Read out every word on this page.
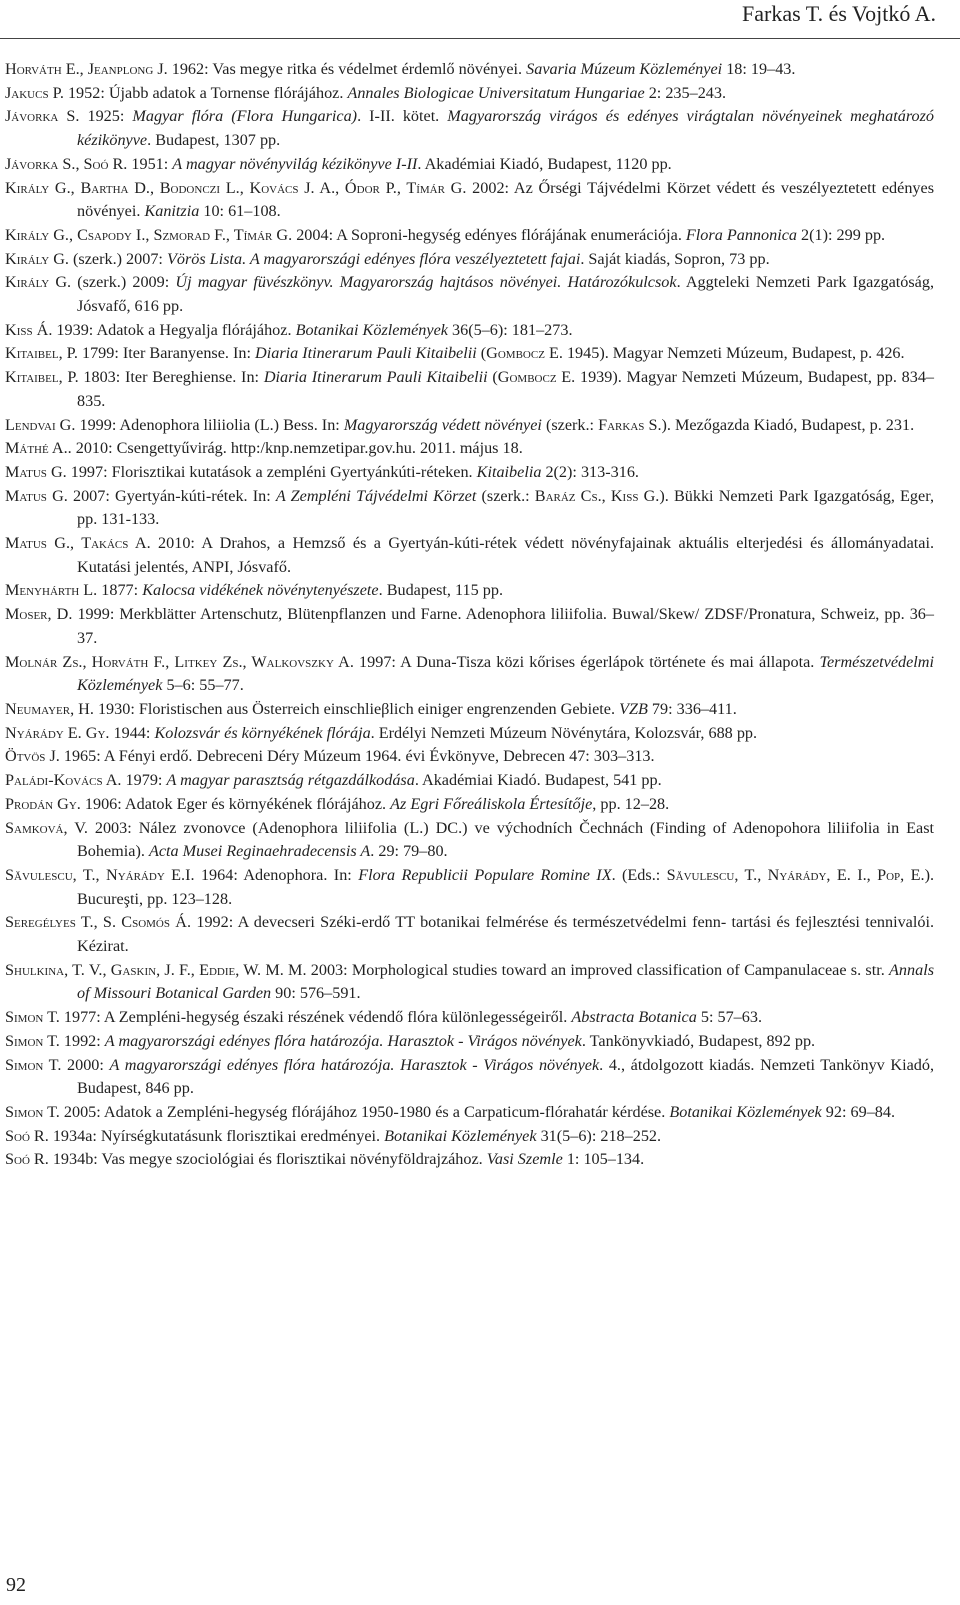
Farkas T. és Vojtkó A.
Horváth E., Jeanplong J. 1962: Vas megye ritka és védelmet érdemlő növényei. Savaria Múzeum Közleményei 18: 19–43.
Jakucs P. 1952: Újabb adatok a Tornense flórájához. Annales Biologicae Universitatum Hungariae 2: 235–243.
Jávorka S. 1925: Magyar flóra (Flora Hungarica). I-II. kötet. Magyarország virágos és edényes virágtalan növényeinek meghatározó kézikönyve. Budapest, 1307 pp.
Jávorka S., Soó R. 1951: A magyar növényvilág kézikönyve I-II. Akadémiai Kiadó, Budapest, 1120 pp.
Király G., Bartha D., Bodonczi L., Kovács J. A., Ódor P., Tímár G. 2002: Az Őrségi Tájvédelmi Körzet védett és veszélyeztetett edényes növényei. Kanitzia 10: 61–108.
Király G., Csapody I., Szmorad F., Tímár G. 2004: A Soproni-hegység edényes flórájának enumerációja. Flora Pannonica 2(1): 299 pp.
Király G. (szerk.) 2007: Vörös Lista. A magyarországi edényes flóra veszélyeztetett fajai. Saját kiadás, Sopron, 73 pp.
Király G. (szerk.) 2009: Új magyar füvészkönyv. Magyarország hajtásos növényei. Határozókulcsok. Aggteleki Nemzeti Park Igazgatóság, Jósvafő, 616 pp.
Kiss Á. 1939: Adatok a Hegyalja flórájához. Botanikai Közlemények 36(5–6): 181–273.
Kitaibel, P. 1799: Iter Baranyense. In: Diaria Itinerarum Pauli Kitaibelii (Gombocz E. 1945). Magyar Nemzeti Múzeum, Budapest, p. 426.
Kitaibel, P. 1803: Iter Bereghiense. In: Diaria Itinerarum Pauli Kitaibelii (Gombocz E. 1939). Magyar Nemzeti Múzeum, Budapest, pp. 834–835.
Lendvai G. 1999: Adenophora liliiolia (L.) Bess. In: Magyarország védett növényei (szerk.: Farkas S.). Mezőgazda Kiadó, Budapest, p. 231.
Máthé A.. 2010: Csengettyűvirág. http:/knp.nemzetipar.gov.hu. 2011. május 18.
Matus G. 1997: Florisztikai kutatások a zempléni Gyertyánkúti-réteken. Kitaibelia 2(2): 313-316.
Matus G. 2007: Gyertyán-kúti-rétek. In: A Zempléni Tájvédelmi Körzet (szerk.: Baráz Cs., Kiss G.). Bükki Nemzeti Park Igazgatóság, Eger, pp. 131-133.
Matus G., Takács A. 2010: A Drahos, a Hemzső és a Gyertyán-kúti-rétek védett növényfajainak aktuális elterjedési és állományadatai. Kutatási jelentés, ANPI, Jósvafő.
Menyhárth L. 1877: Kalocsa vidékének növénytenyészete. Budapest, 115 pp.
Moser, D. 1999: Merkblätter Artenschutz, Blütenpflanzen und Farne. Adenophora liliifolia. Buwal/Skew/ ZDSF/Pronatura, Schweiz, pp. 36–37.
Molnár Zs., Horváth F., Litkey Zs., Walkovszky A. 1997: A Duna-Tisza közi kőrises égerlápok története és mai állapota. Természetvédelmi Közlemények 5–6: 55–77.
Neumayer, H. 1930: Floristischen aus Österreich einschlieβlich einiger engrenzenden Gebiete. VZB 79: 336–411.
Nyárády E. Gy. 1944: Kolozsvár és környékének flórája. Erdélyi Nemzeti Múzeum Növénytára, Kolozsvár, 688 pp.
Ötvös J. 1965: A Fényi erdő. Debreceni Déry Múzeum 1964. évi Évkönyve, Debrecen 47: 303–313.
Paládi-Kovács A. 1979: A magyar parasztság rétgazdálkodása. Akadémiai Kiadó. Budapest, 541 pp.
Prodán Gy. 1906: Adatok Eger és környékének flórájához. Az Egri Főreáliskola Értesítője, pp. 12–28.
Samková, V. 2003: Nález zvonovce (Adenophora liliifolia (L.) DC.) ve východních Čechnách (Finding of Adenopohora liliifolia in East Bohemia). Acta Musei Reginaehradecensis A. 29: 79–80.
Săvulescu, T., Nyárády E.I. 1964: Adenophora. In: Flora Republicii Populare Romine IX. (Eds.: Săvulescu, T., Nyárády, E. I., Pop, E.). Bucureşti, pp. 123–128.
Seregélyes T., S. Csomós Á. 1992: A devecseri Széki-erdő TT botanikai felmérése és természetvédelmi fenn- tartási és fejlesztési tennivalói. Kézirat.
Shulkina, T. V., Gaskin, J. F., Eddie, W. M. M. 2003: Morphological studies toward an improved classification of Campanulaceae s. str. Annals of Missouri Botanical Garden 90: 576–591.
Simon T. 1977: A Zempléni-hegység északi részének védendő flóra különlegességeiről. Abstracta Botanica 5: 57–63.
Simon T. 1992: A magyarországi edényes flóra határozója. Harasztok - Virágos növények. Tankönyvkiadó, Budapest, 892 pp.
Simon T. 2000: A magyarországi edényes flóra határozója. Harasztok - Virágos növények. 4., átdolgozott kiadás. Nemzeti Tankönyv Kiadó, Budapest, 846 pp.
Simon T. 2005: Adatok a Zempléni-hegység flórájához 1950-1980 és a Carpaticum-flórahatár kérdése. Botanikai Közlemények 92: 69–84.
Soó R. 1934a: Nyírségkutatásunk florisztikai eredményei. Botanikai Közlemények 31(5–6): 218–252.
Soó R. 1934b: Vas megye szociológiai és florisztikai növényföldrajzához. Vasi Szemle 1: 105–134.
92
